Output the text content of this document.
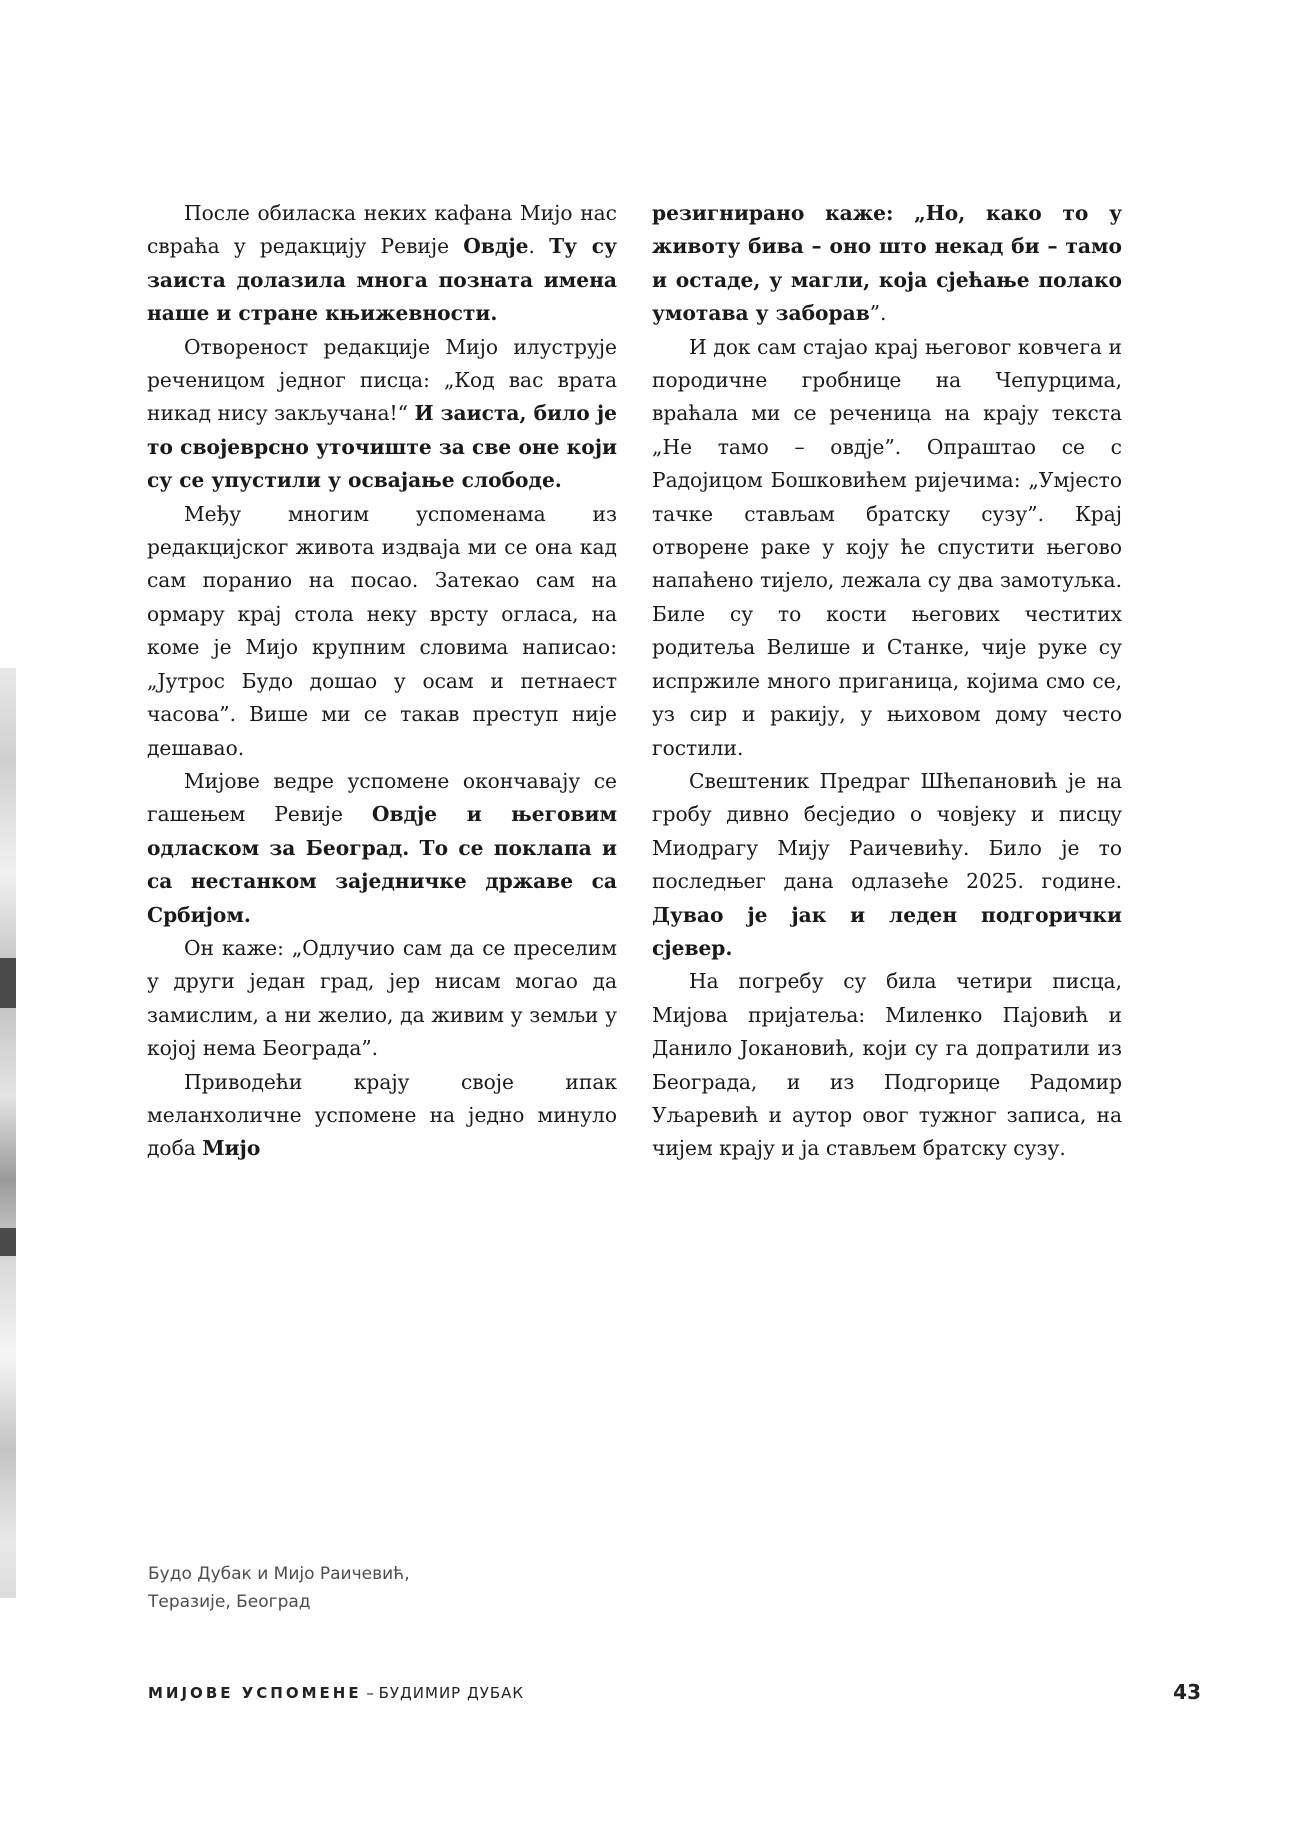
После обиласка неких кафана Мијо нас свраћа у редакцију Ревије Овдје. Ту су заиста долазила многа позната имена наше и стране књижевности.

Отвореност редакције Мијо илуструје реченицом једног писца: „Код вас врата никад нису закључана!“ И заиста, било је то својеврсно уточиште за све оне који су се упустили у освајање слободе.

Међу многим успоменама из редакцијског живота издваја ми се она кад сам поранио на посао. Затекао сам на ормару крај стола неку врсту огласа, на коме је Мијо крупним словима написао: „Јутрос Будо дошао у осам и петнаест часова”. Више ми се такав преступ није дешавао.

Мијове ведре успомене окончавају се гашењем Ревије Овдје и његовим одласком за Београд. То се поклапа и са нестанком заједничке државе са Србијом.

Он каже: „Одлучио сам да се преселим у други један град, јер нисам могао да замислим, а ни желио, да живим у земљи у којој нема Београда”.

Приводећи крају своје ипак меланхоличне успомене на једно минуло доба Мијо

резигнирано каже: „Но, како то у животу бива – оно што некад би – тамо и остаде, у магли, која сјећање полако умотава у заборав”.

И док сам стајао крај његовог ковчега и породичне гробнице на Чепурцима, враћала ми се реченица на крају текста „Не тамо – овдје”. Опраштао се с Радојицом Бошковићем ријечима: „Умјесто тачке стављам братску сузу”. Крај отворене раке у коју ће спустити његово напаћено тијело, лежала су два замотуљка. Биле су то кости његових честитих родитеља Велише и Станке, чије руке су испржиле много приганица, којима смо се, уз сир и ракију, у њиховом дому често гостили.

Свештеник Предраг Шћепановић је на гробу дивно бесједио о човјеку и писцу Миодрагу Мију Раичевићу. Било је то последњег дана одлазеће 2025. године. Дувао је јак и леден подгорички сјевер.

На погребу су била четири писца, Мијова пријатеља: Миленко Пајовић и Данило Јокановић, који су га допратили из Београда, и из Подгорице Радомир Уљаревић и аутор овог тужног записа, на чијем крају и ја стављем братску сузу.

Будо Дубак и Мијо Раичевић,
Теразије, Београд
МИЈОВЕ УСПОМЕНЕ – БУДИМИР ДУБАК	43
